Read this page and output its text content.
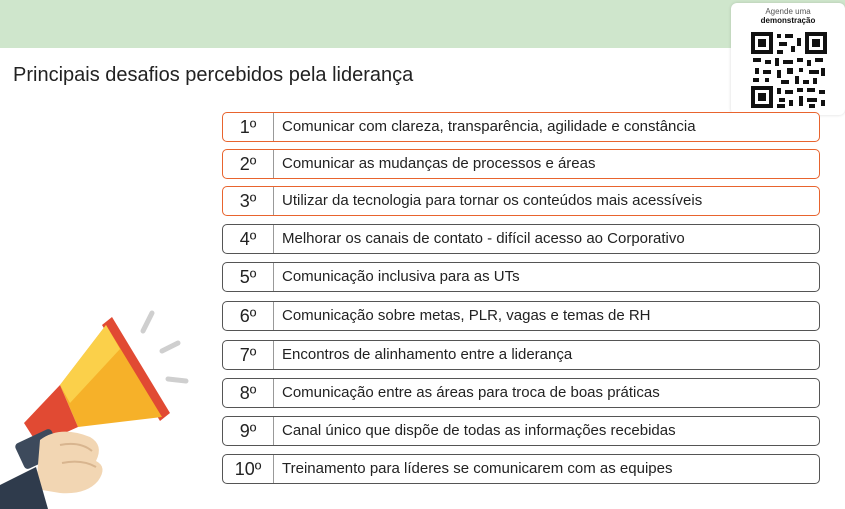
Principais desafios percebidos pela liderança
Agende uma
demonstração
1º	Comunicar com clareza, transparência, agilidade e constância
2º	Comunicar as mudanças de processos e áreas
3º	Utilizar da tecnologia para tornar os conteúdos mais acessíveis
4º	Melhorar os canais de contato - difícil acesso ao Corporativo
5º	Comunicação inclusiva para as UTs
6º	Comunicação sobre metas, PLR, vagas e temas de RH
7º	Encontros de alinhamento entre a liderança
8º	Comunicação entre as áreas para troca de boas práticas
9º	Canal único que dispõe de todas as informações recebidas
10º	Treinamento para líderes se comunicarem com as equipes
